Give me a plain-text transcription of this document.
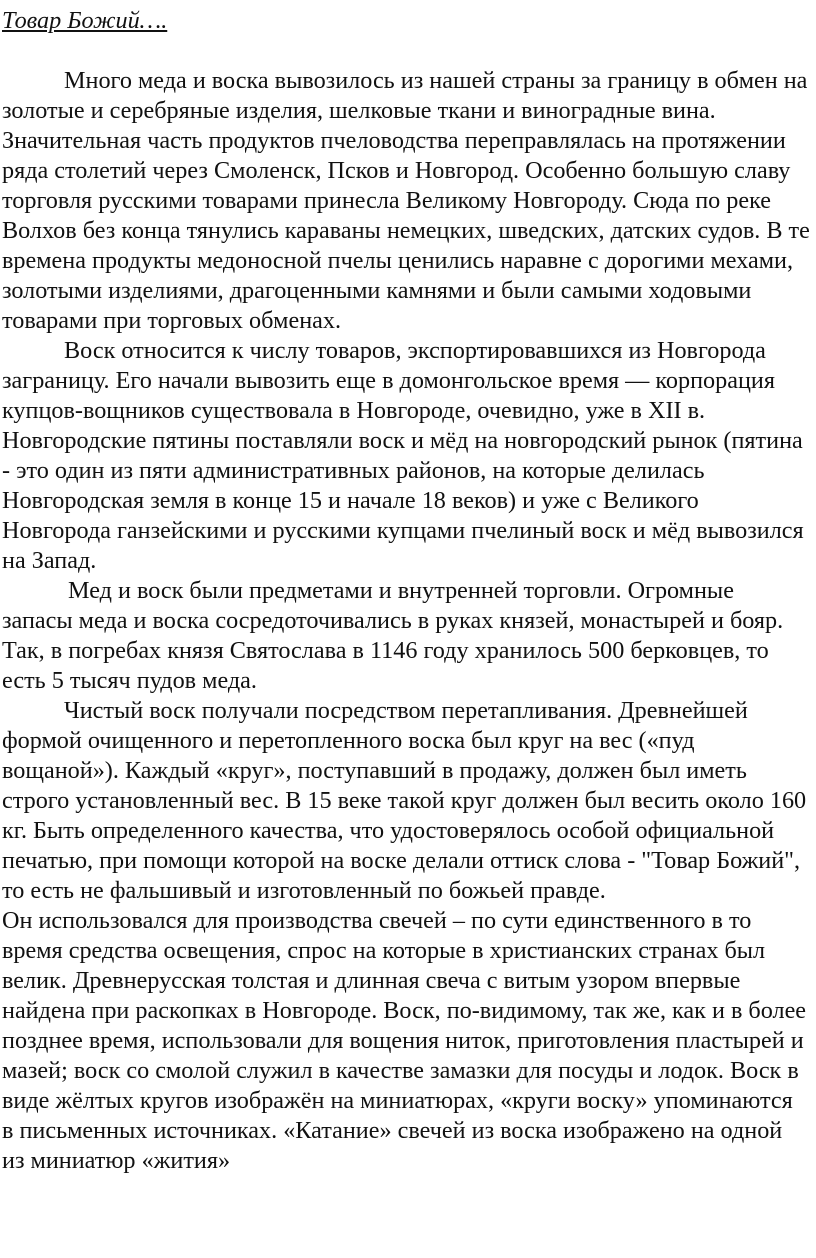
Товар Божий….

Много меда и воска вывозилось из нашей страны за границу в обмен на золотые и серебряные изделия, шелковые ткани и виноградные вина. Значительная часть продуктов пчеловодства переправлялась на протяжении ряда столетий через Смоленск, Псков и Новгород. Особенно большую славу торговля русскими товарами принесла Великому Новгороду. Сюда по реке Волхов без конца тянулись караваны немецких, шведских, датских судов. В те времена продукты медоносной пчелы ценились наравне с дорогими мехами, золотыми изделиями, драгоценными камнями и были самыми ходовыми товарами при торговых обменах.

Воск относится к числу товаров, экспортировавшихся из Новгорода заграницу. Его начали вывозить еще в домонгольское время — корпорация купцов-вощников существовала в Новгороде, очевидно, уже в XII в.

Новгородские пятины поставляли воск и мёд на новгородский рынок (пятина - это один из пяти административных районов, на которые делилась Новгородская земля в конце 15 и начале 18 веков) и уже с Великого Новгорода ганзейскими и русскими купцами пчелиный воск и мёд вывозился на Запад.

Мед и воск были предметами и внутренней торговли. Огромные запасы меда и воска сосредоточивались в руках князей, монастырей и бояр. Так, в погребах князя Святослава в 1146 году хранилось 500 берковцев, то есть 5 тысяч пудов меда.

Чистый воск получали посредством перетапливания. Древнейшей формой очищенного и перетопленного воска был круг на вес («пуд вощаной»). Каждый «круг», поступавший в продажу, должен был иметь строго установленный вес. В 15 веке такой круг должен был весить около 160 кг. Быть определенного качества, что удостоверялось особой официальной печатью, при помощи которой на воске делали оттиск слова - "Товар Божий", то есть не фальшивый и изготовленный по божьей правде.

Он использовался для производства свечей – по сути единственного в то время средства освещения, спрос на которые в христианских странах был велик. Древнерусская толстая и длинная свеча с витым узором впервые найдена при раскопках в Новгороде. Воск, по-видимому, так же, как и в более позднее время, использовали для вощения ниток, приготовления пластырей и мазей; воск со смолой служил в качестве замазки для посуды и лодок. Воск в виде жёлтых кругов изображён на миниатюрах, «круги воску» упоминаются в письменных источниках. «Катание» свечей из воска изображено на одной из миниатюр «жития»
